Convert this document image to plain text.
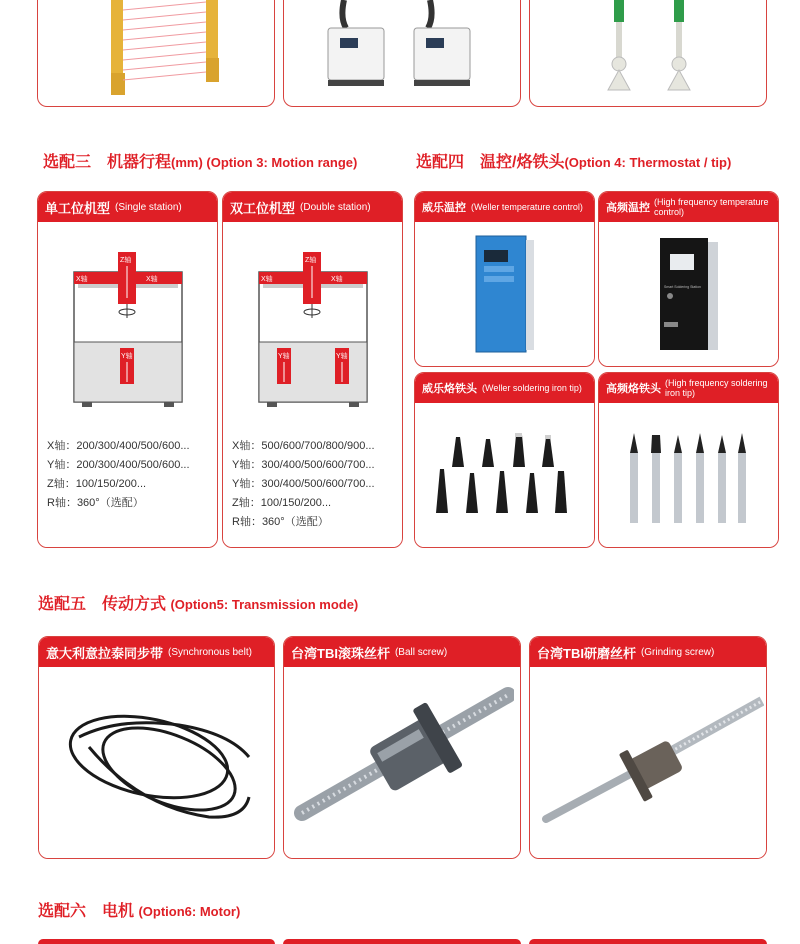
选配三　机器行程(mm) (Option 3: Motion range)	选配四　温控/烙铁头(Option 4: Thermostat / tip)
单工位机型 (Single station)
X轴	X轴
Z轴
Y轴
X轴：200/300/400/500/600...
Y轴：200/300/400/500/600...
Z轴：100/150/200...
R轴：360°（选配）
双工位机型 (Double station)
X轴	X轴
Z轴
Y轴	Y轴
X轴：500/600/700/800/900...
Y轴：300/400/500/600/700...
Y轴：300/400/500/600/700...
Z轴：100/150/200...
R轴：360°（选配）
威乐温控 (Weller temperature control) 高频温控 (High frequency temperature control)
Smart Soldering Station
威乐烙铁头 (Weller soldering iron tip) 高频烙铁头 (High frequency soldering iron tip)
选配五　传动方式 (Option5: Transmission mode)
意大利意拉泰同步带 (Synchronous belt)	台湾TBI滚珠丝杆 (Ball screw)	台湾TBI研磨丝杆 (Grinding screw)
选配六　电机 (Option6: Motor)
